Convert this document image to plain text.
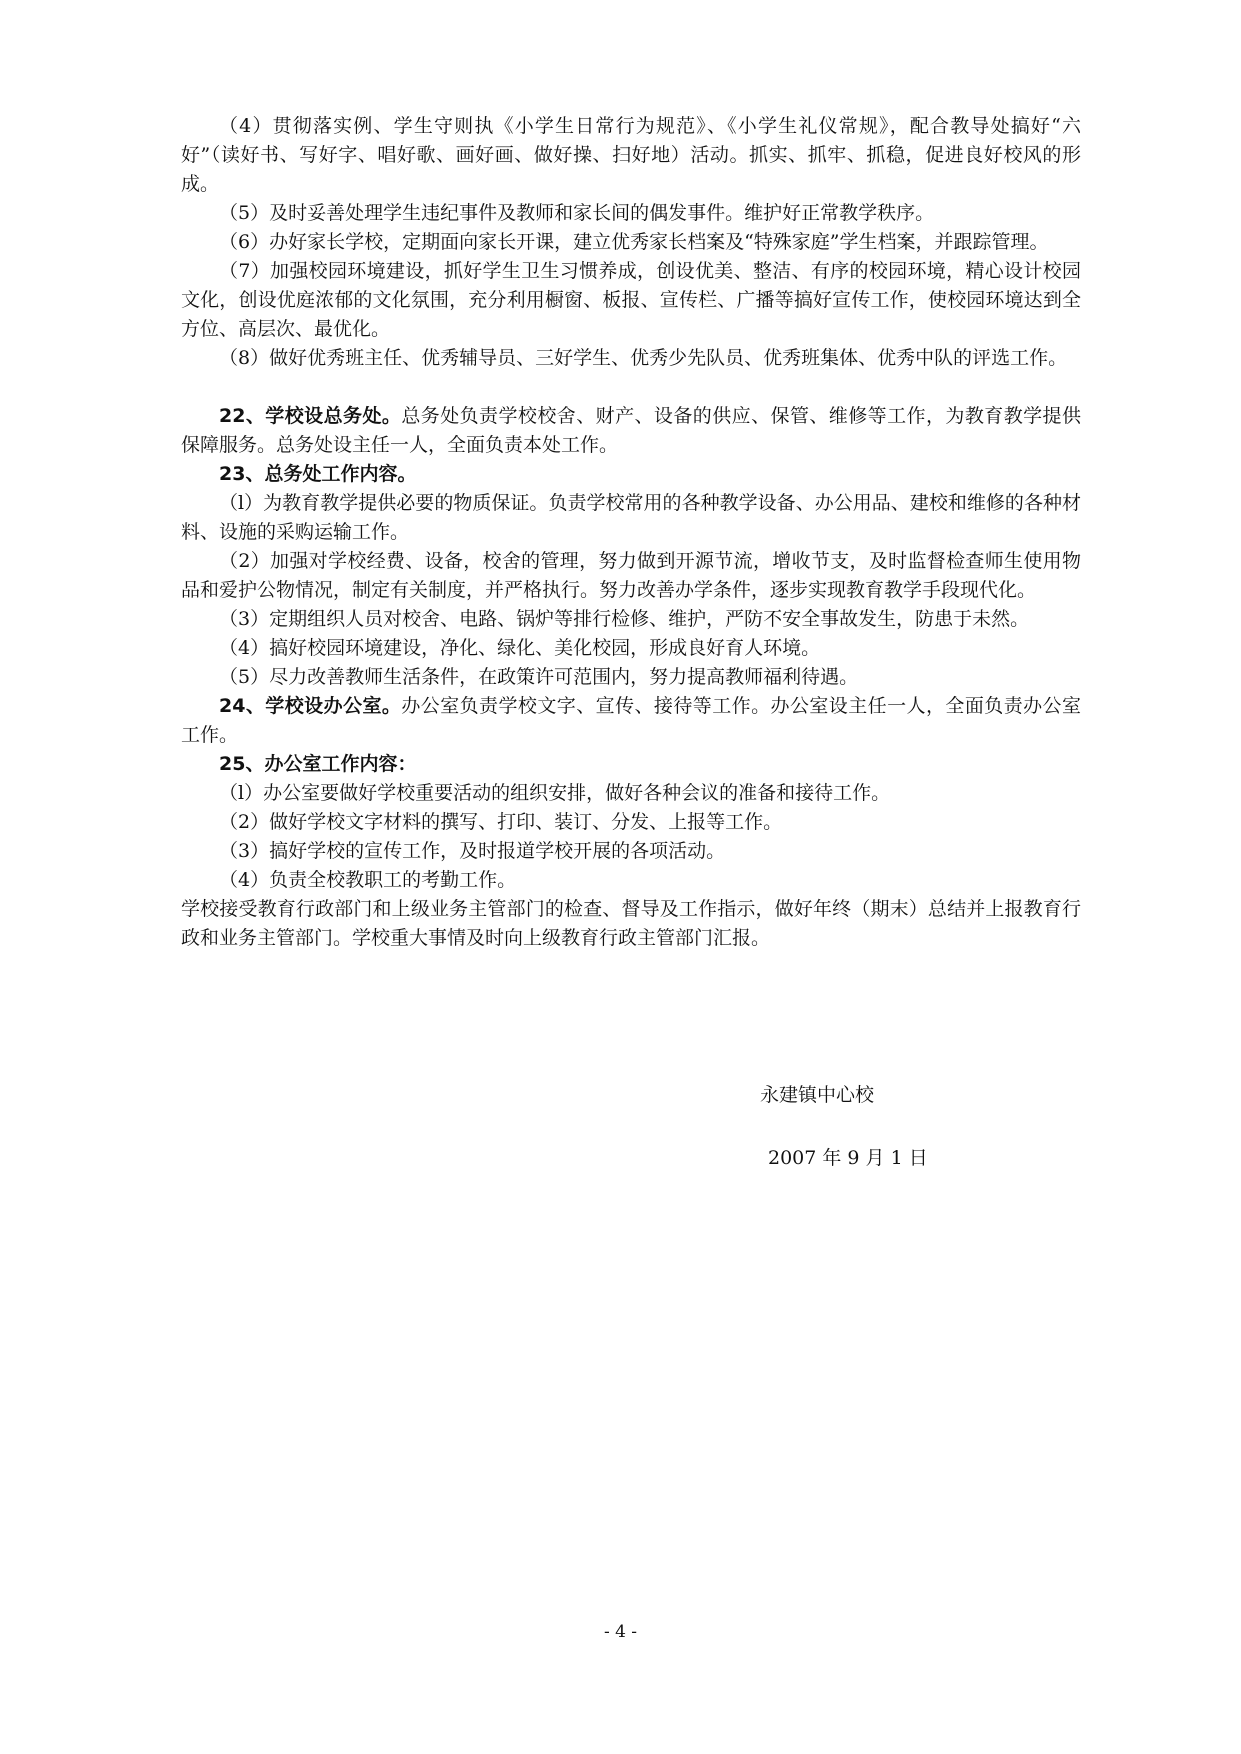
（4）贯彻落实例、学生守则执《小学生日常行为规范》、《小学生礼仪常规》，配合教导处搞好“六好”（读好书、写好字、唱好歌、画好画、做好操、扫好地）活动。抓实、抓牢、抓稳，促进良好校风的形成。

（5）及时妥善处理学生违纪事件及教师和家长间的偶发事件。维护好正常教学秩序。

（6）办好家长学校，定期面向家长开课，建立优秀家长档案及“特殊家庭”学生档案，并跟踪管理。

（7）加强校园环境建设，抓好学生卫生习惯养成，创设优美、整洁、有序的校园环境，精心设计校园文化，创设优庭浓郁的文化氛围，充分利用橱窗、板报、宣传栏、广播等搞好宣传工作，使校园环境达到全方位、高层次、最优化。

（8）做好优秀班主任、优秀辅导员、三好学生、优秀少先队员、优秀班集体、优秀中队的评选工作。

22、学校设总务处。总务处负责学校校舍、财产、设备的供应、保管、维修等工作，为教育教学提供保障服务。总务处设主任一人，全面负责本处工作。

23、总务处工作内容。

（l）为教育教学提供必要的物质保证。负责学校常用的各种教学设备、办公用品、建校和维修的各种材料、设施的采购运输工作。

（2）加强对学校经费、设备，校舍的管理，努力做到开源节流，增收节支，及时监督检查师生使用物品和爱护公物情况，制定有关制度，并严格执行。努力改善办学条件，逐步实现教育教学手段现代化。

（3）定期组织人员对校舍、电路、锅炉等排行检修、维护，严防不安全事故发生，防患于未然。

（4）搞好校园环境建设，净化、绿化、美化校园，形成良好育人环境。

（5）尽力改善教师生活条件，在政策许可范围内，努力提高教师福利待遇。

24、学校设办公室。办公室负责学校文字、宣传、接待等工作。办公室设主任一人，全面负责办公室工作。

25、办公室工作内容：

（l）办公室要做好学校重要活动的组织安排，做好各种会议的准备和接待工作。

（2）做好学校文字材料的撰写、打印、装订、分发、上报等工作。

（3）搞好学校的宣传工作，及时报道学校开展的各项活动。

（4）负责全校教职工的考勤工作。

学校接受教育行政部门和上级业务主管部门的检查、督导及工作指示，做好年终（期末）总结并上报教育行政和业务主管部门。学校重大事情及时向上级教育行政主管部门汇报。

永建镇中心校
2007 年 9 月 1 日
- 4 -
